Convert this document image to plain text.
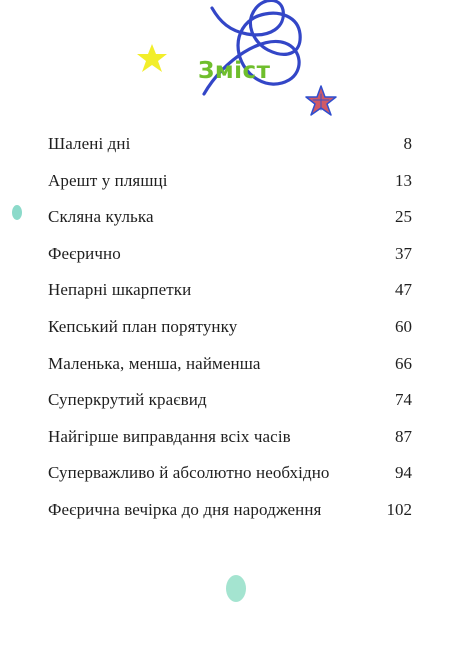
Зміст
Шалені дні	8
Арешт у пляшці	13
Скляна кулька	25
Феєрично	37
Непарні шкарпетки	47
Кепський план порятунку	60
Маленька, менша, найменша	66
Суперкрутий краєвид	74
Найгірше виправдання всіх часів	87
Суперважливо й абсолютно необхідно	94
Феєрична вечірка до дня народження	102
